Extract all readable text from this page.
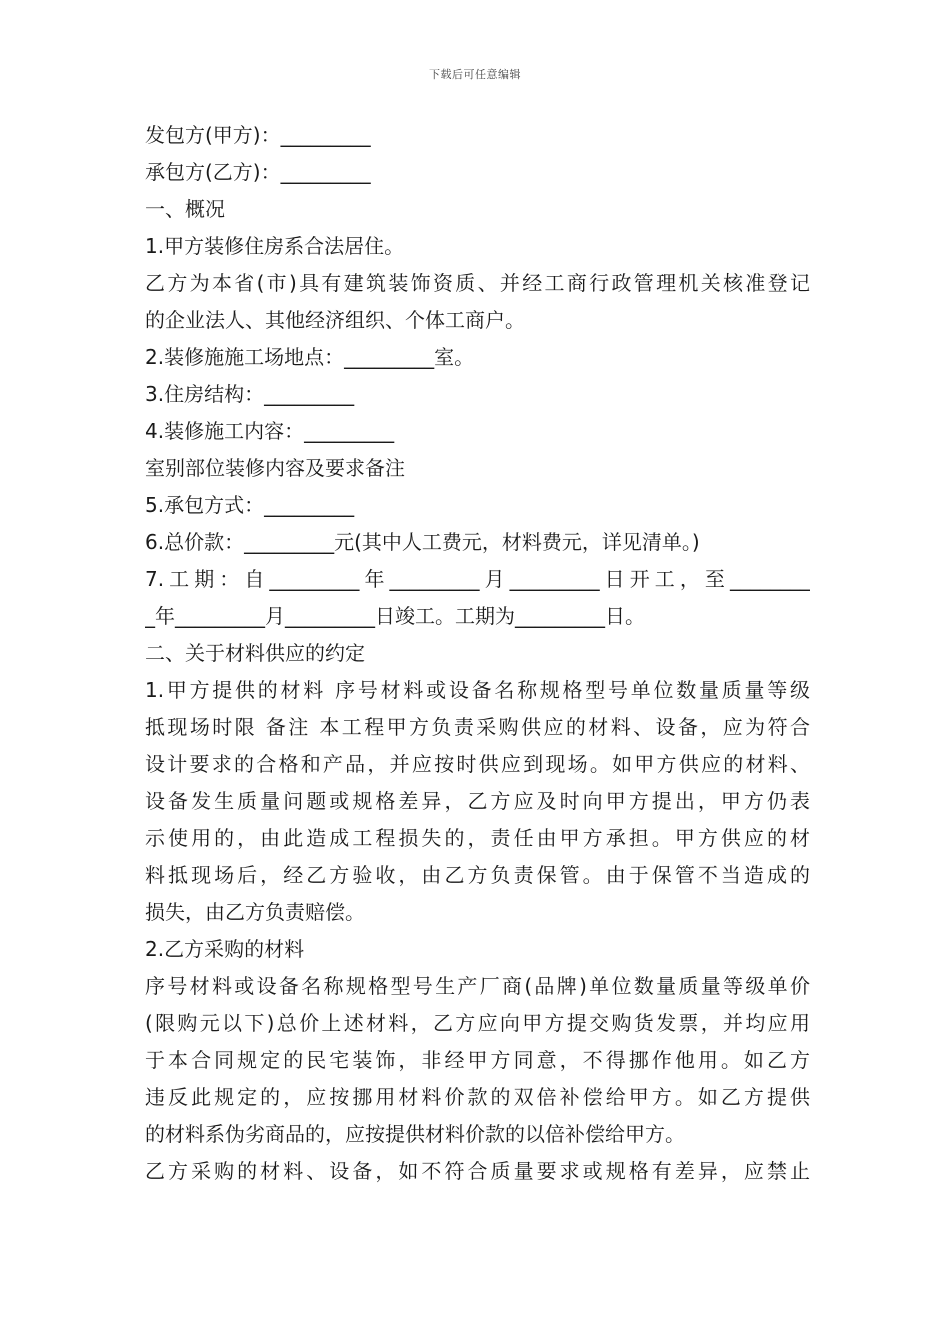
下载后可任意编辑
发包方(甲方)：_________
承包方(乙方)：_________
一、概况
1.甲方装修住房系合法居住。
乙方为本省(市)具有建筑装饰资质、并经工商行政管理机关核准登记
的企业法人、其他经济组织、个体工商户。
2.装修施施工场地点：_________室。
3.住房结构：_________
4.装修施工内容：_________
室别部位装修内容及要求备注
5.承包方式：_________
6.总价款：_________元(其中人工费元，材料费元，详见清单。)
7.工期：自_________年_________月_________日开工，至________
_年_________月_________日竣工。工期为_________日。
二、关于材料供应的约定
1.甲方提供的材料 序号材料或设备名称规格型号单位数量质量等级
抵现场时限 备注 本工程甲方负责采购供应的材料、设备，应为符合
设计要求的合格和产品，并应按时供应到现场。如甲方供应的材料、
设备发生质量问题或规格差异，乙方应及时向甲方提出，甲方仍表
示使用的，由此造成工程损失的，责任由甲方承担。甲方供应的材
料抵现场后，经乙方验收，由乙方负责保管。由于保管不当造成的
损失，由乙方负责赔偿。
2.乙方采购的材料
序号材料或设备名称规格型号生产厂商(品牌)单位数量质量等级单价
(限购元以下)总价上述材料，乙方应向甲方提交购货发票，并均应用
于本合同规定的民宅装饰，非经甲方同意，不得挪作他用。如乙方
违反此规定的，应按挪用材料价款的双倍补偿给甲方。如乙方提供
的材料系伪劣商品的，应按提供材料价款的以倍补偿给甲方。
乙方采购的材料、设备，如不符合质量要求或规格有差异，应禁止
